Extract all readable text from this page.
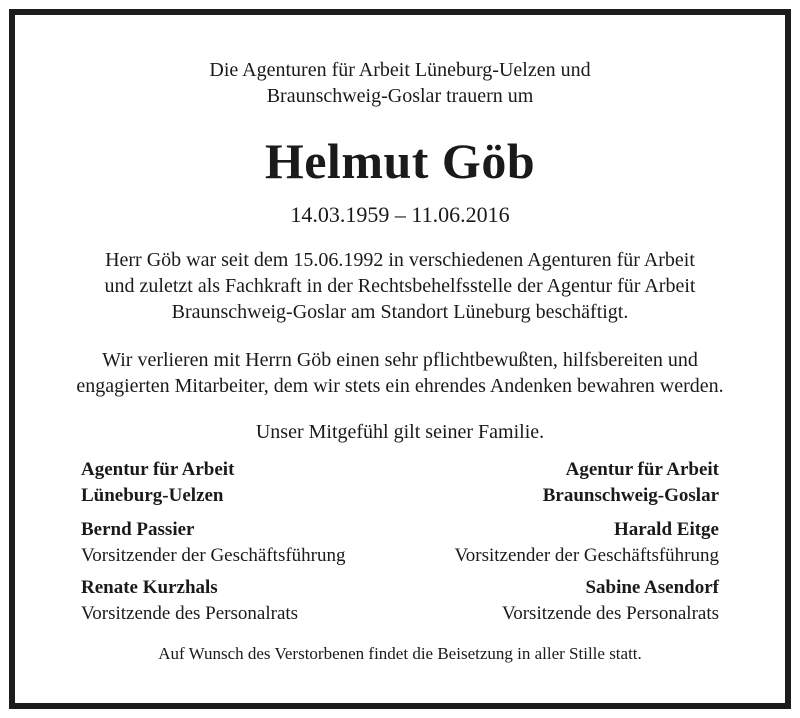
Die Agenturen für Arbeit Lüneburg-Uelzen und
Braunschweig-Goslar trauern um
Helmut Göb
14.03.1959 – 11.06.2016
Herr Göb war seit dem 15.06.1992 in verschiedenen Agenturen für Arbeit
und zuletzt als Fachkraft in der Rechtsbehelfsstelle der Agentur für Arbeit
Braunschweig-Goslar am Standort Lüneburg beschäftigt.
Wir verlieren mit Herrn Göb einen sehr pflichtbewußten, hilfsbereiten und
engagierten Mitarbeiter, dem wir stets ein ehrendes Andenken bewahren werden.
Unser Mitgefühl gilt seiner Familie.
Agentur für Arbeit
Lüneburg-Uelzen
Agentur für Arbeit
Braunschweig-Goslar
Bernd Passier
Vorsitzender der Geschäftsführung
Harald Eitge
Vorsitzender der Geschäftsführung
Renate Kurzhals
Vorsitzende des Personalrats
Sabine Asendorf
Vorsitzende des Personalrats
Auf Wunsch des Verstorbenen findet die Beisetzung in aller Stille statt.
